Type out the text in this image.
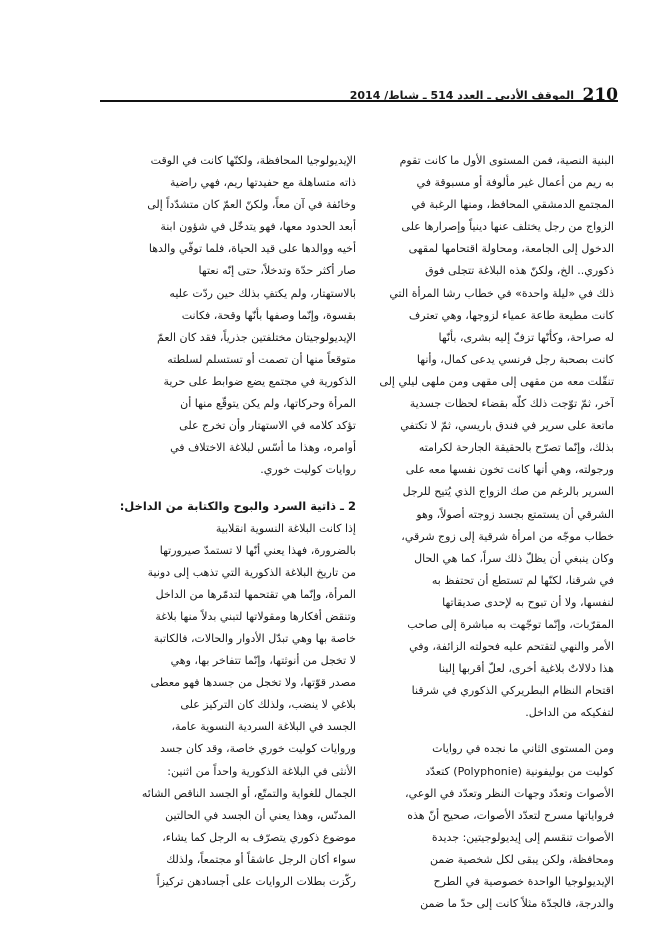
210
الموقف الأدبي ـ العدد 514 ـ شباط/ 2014
البنية النصية، فمن المستوى الأول ما كانت تقوم
به ريم من أعمال غير مألوفة أو مسبوقة في
المجتمع الدمشقي المحافظ، ومنها الرغبة في
الزواج من رجل يختلف عنها دينياً وإصرارها على
الدخول إلى الجامعة، ومحاولة اقتحامها لمقهى
ذكوري.. الخ، ولكنّ هذه البلاغة تتجلى فوق
ذلك في «ليلة واحدة» في خطاب رشا المرأة التي
كانت مطيعة طاعة عمياء لزوجها، وهي تعترف
له صراحة، وكأنّها تزفّ إليه بشرى، بأنّها
كانت بصحبة رجل فرنسي يدعى كمال، وأنها
تنقّلت معه من مقهى إلى مقهى ومن ملهى ليلي إلى
آخر، ثمّ توّجت ذلك كلّه بقضاء لحظات جسدية
ماتعة على سرير في فندق باريسي، ثمّ لا تكتفي
بذلك، وإنّما تصرّح بالحقيقة الجارحة لكرامته
ورجولته، وهي أنها كانت تخون نفسها معه على
السرير بالرغم من صك الزواج الذي يُتيح للرجل
الشرقي أن يستمتع بجسد زوجته أصولاً، وهو
خطاب موجّه من امرأة شرقية إلى زوج شرقي،
وكان ينبغي أن يظلّ ذلك سراً، كما هي الحال
في شرقنا، لكنّها لم تستطع أن تحتفظ به
لنفسها، ولا أن تبوح به لإحدى صديقاتها
المقرّبات، وإنّما توجّهت به مباشرة إلى صاحب
الأمر والنهي لتقتحم عليه فحولته الزائفة، وفي
هذا دلالاتٌ بلاغية أخرى، لعلّ أقربها إلينا
اقتحام النظام البطريركي الذكوري في شرقنا
لتفكيكه من الداخل.
ومن المستوى الثاني ما نجده في روايات
كوليت من بوليفونية (Polyphonie) كتعدّد
الأصوات وتعدّد وجهات النظر وتعدّد في الوعي،
فرواياتها مسرح لتعدّد الأصوات، صحيح أنّ هذه
الأصوات تنقسم إلى إيديولوجيتين: جديدة
ومحافظة، ولكن يبقى لكل شخصية ضمن
الإيديولوجيا الواحدة خصوصية في الطرح
والدرجة، فالجدّة مثلاً كانت إلى حدّ ما ضمن
الإيديولوجيا المحافظة، ولكنّها كانت في الوقت
ذاته متساهلة مع حفيدتها ريم، فهي راضية
وخائفة في آن معاً، ولكنّ العمّ كان متشدّداً إلى
أبعد الحدود معها، فهو يتدخّل في شؤون ابنة
أخيه ووالدها على قيد الحياة، فلما توفّي والدها
صار أكثر حدّة وتدخلاً، حتى إنّه نعتها
بالاستهتار، ولم يكتفِ بذلك حين ردّت عليه
بقسوة، وإنّما وصفها بأنّها وقحة، فكانت
الإيديولوجيتان مختلفتين جذرياً، فقد كان العمّ
متوقعاً منها أن تصمت أو تستسلم لسلطته
الذكورية في مجتمع يضع ضوابط على حرية
المرأة وحركاتها، ولم يكن يتوقّع منها أن
تؤكد كلامه في الاستهتار وأن تخرج على
أوامره، وهذا ما أسّس لبلاغة الاختلاف في
روايات كوليت خوري.
2 ـ ذاتية السرد والبوح والكتابة من الداخل:
إذا كانت البلاغة النسوية انقلابية
بالضرورة، فهذا يعني أنّها لا تستمدّ صيرورتها
من تاريخ البلاغة الذكورية التي تذهب إلى دونية
المرأة، وإنّما هي تقتحمها لتدمّرها من الداخل
وتنقض أفكارها ومقولاتها لتبني بدلاً منها بلاغة
خاصة بها وهي تبدّل الأدوار والحالات، فالكاتبة
لا تخجل من أنوثتها، وإنّما تتفاخر بها، وهي
مصدر قوّتها، ولا تخجل من جسدها فهو معطى
بلاغي لا ينضب، ولذلك كان التركيز على
الجسد في البلاغة السردية النسوية عامة،
وروايات كوليت خوري خاصة، وقد كان جسد
الأنثى في البلاغة الذكورية واحداً من اثنين:
الجمال للغواية والتمتّع، أو الجسد الناقص الشائه
المدنّس، وهذا يعني أن الجسد في الحالتين
موضوع ذكوري يتصرّف به الرجل كما يشاء،
سواء أكان الرجل عاشقاً أو مجتمعاً، ولذلك
ركّزت بطلات الروايات على أجسادهن تركيزاً
